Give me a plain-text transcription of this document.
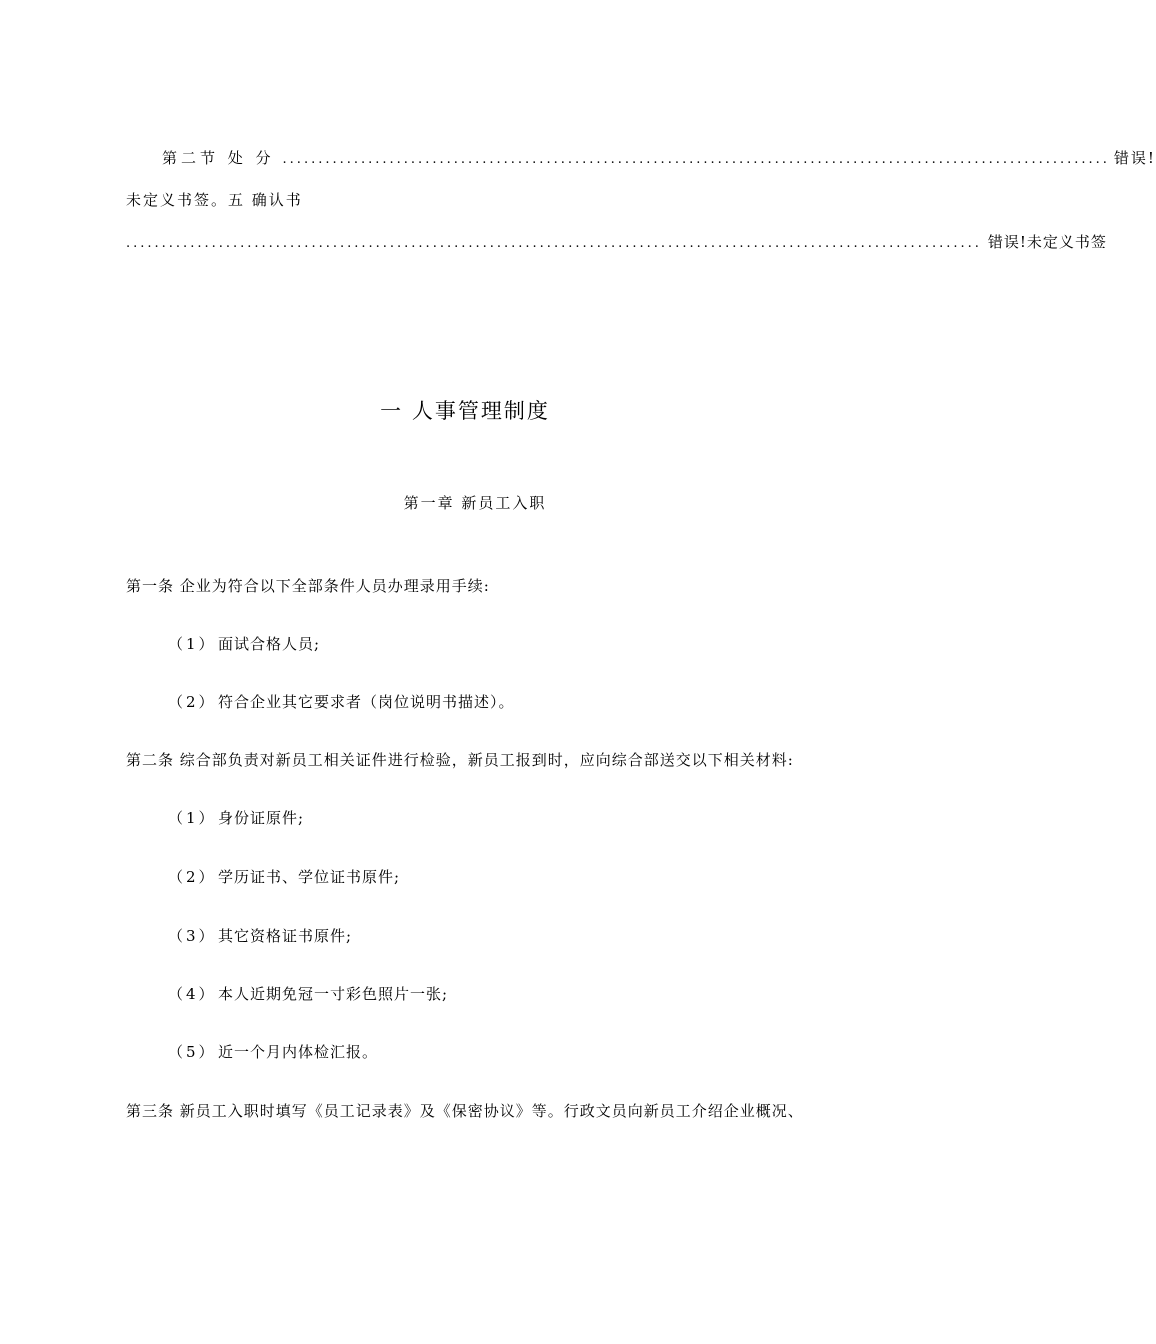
第二节 处 分 .................................................................................................................... 错误!
未定义书签。五 确认书
........................................................................................................................ 错误!未定义书签
一 人事管理制度
第一章 新员工入职
第一条 企业为符合以下全部条件人员办理录用手续:
（1）面试合格人员;
（2）符合企业其它要求者（岗位说明书描述）。
第二条 综合部负责对新员工相关证件进行检验，新员工报到时，应向综合部送交以下相关材料:
（1）身份证原件;
（2）学历证书、学位证书原件;
（3）其它资格证书原件;
（4）本人近期免冠一寸彩色照片一张;
（5）近一个月内体检汇报。
第三条 新员工入职时填写《员工记录表》及《保密协议》等。行政文员向新员工介绍企业概况、
